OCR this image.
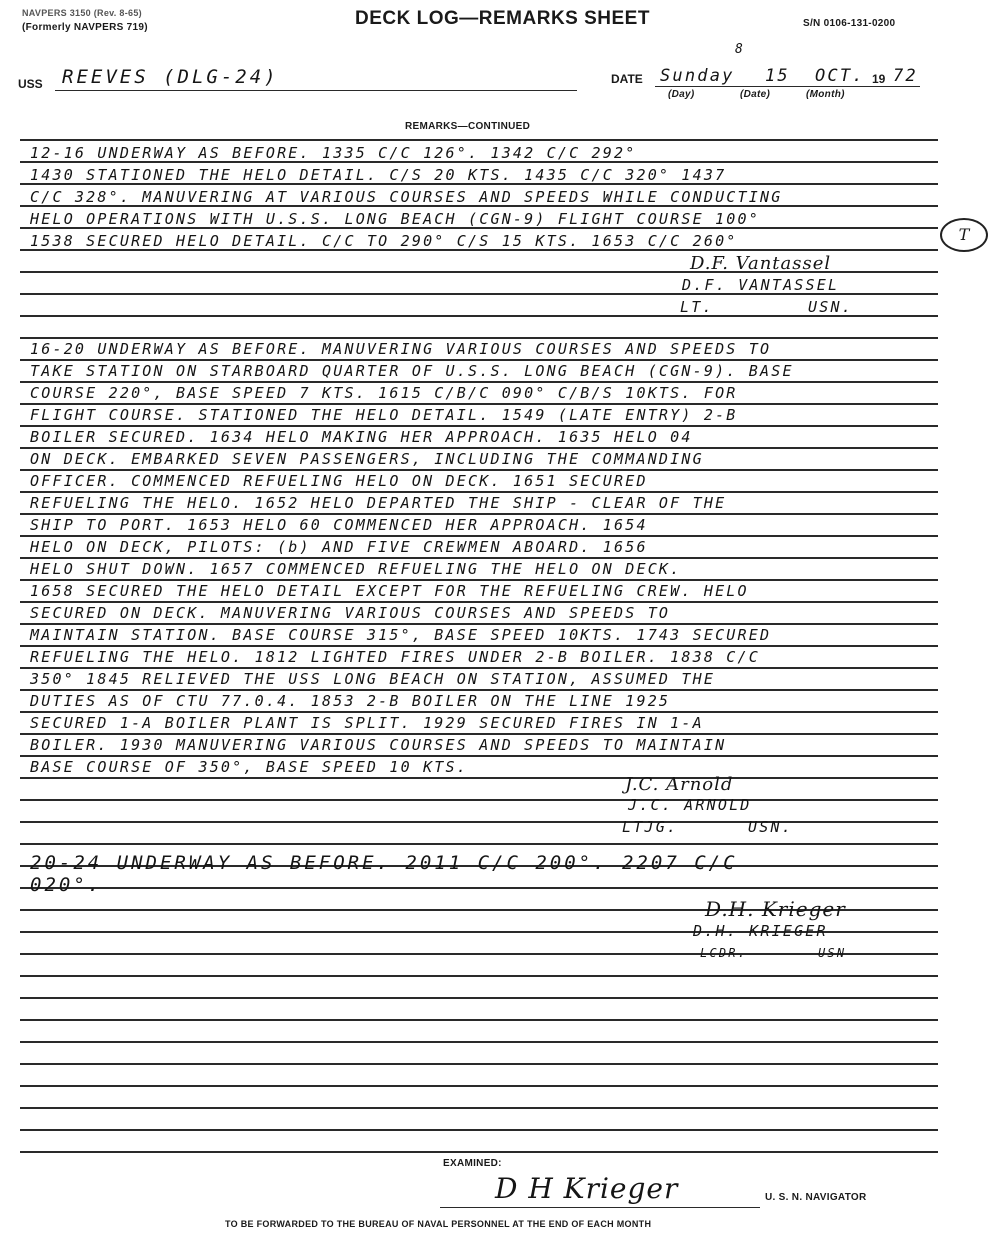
NAVPERS 3150 (Rev. 8-65)
(Formerly NAVPERS 719)	DECK LOG—REMARKS SHEET	S/N 0106-131-0200
8
USS REEVES (DLG-24)	DATE Sunday 15 OCT. 19 72
(Day)	(Date)	(Month)
REMARKS—CONTINUED
12-16 UNDERWAY AS BEFORE. 1335 C/C 126°. 1342 C/C 292°
1430 STATIONED THE HELO DETAIL. C/S 20 KTS. 1435 C/C 320° 1437
C/C 328°. MANUVERING AT VARIOUS COURSES AND SPEEDS WHILE CONDUCTING
HELO OPERATIONS WITH U.S.S. LONG BEACH (CGN-9) FLIGHT COURSE 100°
1538 SECURED HELO DETAIL. C/C TO 290° C/S 15 KTS. 1653 C/C 260°	T
D.F. Vantassel
D.F. VANTASSEL
LT.	USN.
16-20 UNDERWAY AS BEFORE. MANUVERING VARIOUS COURSES AND SPEEDS TO
TAKE STATION ON STARBOARD QUARTER OF U.S.S. LONG BEACH (CGN-9). BASE
COURSE 220°, BASE SPEED 7 KTS. 1615 C/B/C 090° C/B/S 10KTS. FOR
FLIGHT COURSE. STATIONED THE HELO DETAIL. 1549 (LATE ENTRY) 2-B
BOILER SECURED. 1634 HELO MAKING HER APPROACH. 1635 HELO 04
ON DECK. EMBARKED SEVEN PASSENGERS, INCLUDING THE COMMANDING
OFFICER. COMMENCED REFUELING HELO ON DECK. 1651 SECURED
REFUELING THE HELO. 1652 HELO DEPARTED THE SHIP - CLEAR OF THE
SHIP TO PORT. 1653 HELO 60 COMMENCED HER APPROACH. 1654
HELO ON DECK, PILOTS: (b) AND FIVE CREWMEN ABOARD. 1656
HELO SHUT DOWN. 1657 COMMENCED REFUELING THE HELO ON DECK.
1658 SECURED THE HELO DETAIL EXCEPT FOR THE REFUELING CREW. HELO
SECURED ON DECK. MANUVERING VARIOUS COURSES AND SPEEDS TO
MAINTAIN STATION. BASE COURSE 315°, BASE SPEED 10KTS. 1743 SECURED
REFUELING THE HELO. 1812 LIGHTED FIRES UNDER 2-B BOILER. 1838 C/C
350° 1845 RELIEVED THE USS LONG BEACH ON STATION, ASSUMED THE
DUTIES AS OF CTU 77.0.4. 1853 2-B BOILER ON THE LINE 1925
SECURED 1-A BOILER PLANT IS SPLIT. 1929 SECURED FIRES IN 1-A
BOILER. 1930 MANUVERING VARIOUS COURSES AND SPEEDS TO MAINTAIN
BASE COURSE OF 350°, BASE SPEED 10 KTS.
J.C. Arnold
J.C. ARNOLD
LTJG.	USN.
20-24 UNDERWAY AS BEFORE. 2011 C/C 200°. 2207 C/C
020°.
D.H. Krieger
D.H. KRIEGER
LCDR.	USN
EXAMINED:
D H Krieger	U. S. N. NAVIGATOR
TO BE FORWARDED TO THE BUREAU OF NAVAL PERSONNEL AT THE END OF EACH MONTH
